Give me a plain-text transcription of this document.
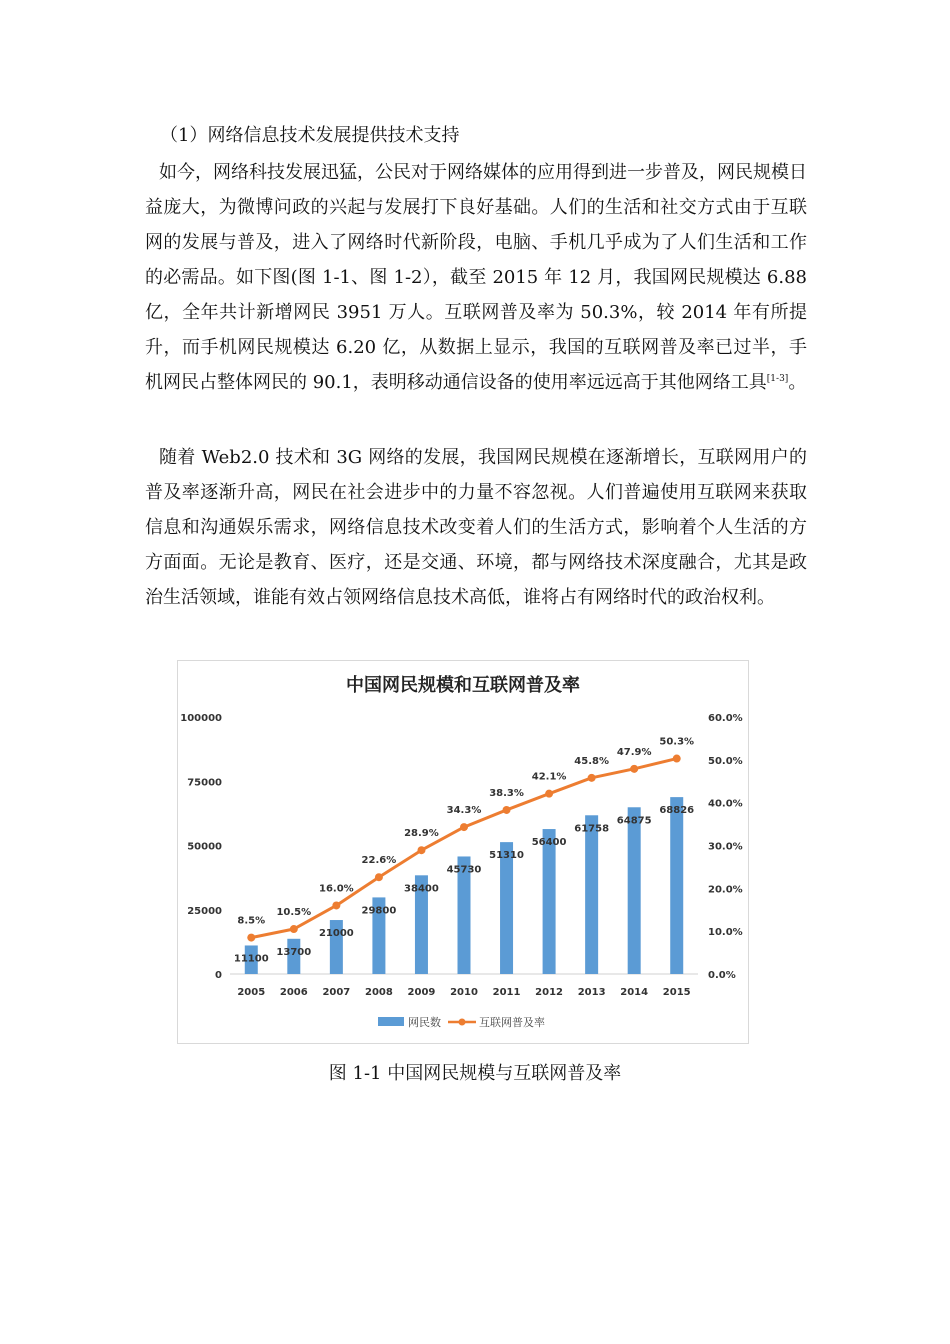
（1）网络信息技术发展提供技术支持
如今，网络科技发展迅猛，公民对于网络媒体的应用得到进一步普及，网民规模日益庞大，为微博问政的兴起与发展打下良好基础。人们的生活和社交方式由于互联网的发展与普及，进入了网络时代新阶段，电脑、手机几乎成为了人们生活和工作的必需品。如下图(图 1-1、图 1-2），截至 2015 年 12 月，我国网民规模达 6.88 亿，全年共计新增网民 3951 万人。互联网普及率为 50.3%，较 2014 年有所提升，而手机网民规模达 6.20 亿，从数据上显示，我国的互联网普及率已过半，手机网民占整体网民的 90.1，表明移动通信设备的使用率远远高于其他网络工具[1-3]。
随着 Web2.0 技术和 3G 网络的发展，我国网民规模在逐渐增长，互联网用户的普及率逐渐升高，网民在社会进步中的力量不容忽视。人们普遍使用互联网来获取信息和沟通娱乐需求，网络信息技术改变着人们的生活方式，影响着个人生活的方方面面。无论是教育、医疗，还是交通、环境，都与网络技术深度融合，尤其是政治生活领域，谁能有效占领网络信息技术高低，谁将占有网络时代的政治权利。
中国网民规模和互联网普及率
0
25000
50000
75000
100000
0.0%
10.0%
20.0%
30.0%
40.0%
50.0%
60.0%
2005 2006 2007 2008 2009 2010 2011 2012 2013 2014 2015
11100
13700
21000
29800
38400
45730
51310
56400
61758
64875
68826
8.5%
10.5%
16.0%
22.6%
28.9%
34.3%
38.3%
42.1%
45.8%
47.9%
50.3%
网民数	互联网普及率
图 1-1 中国网民规模与互联网普及率
